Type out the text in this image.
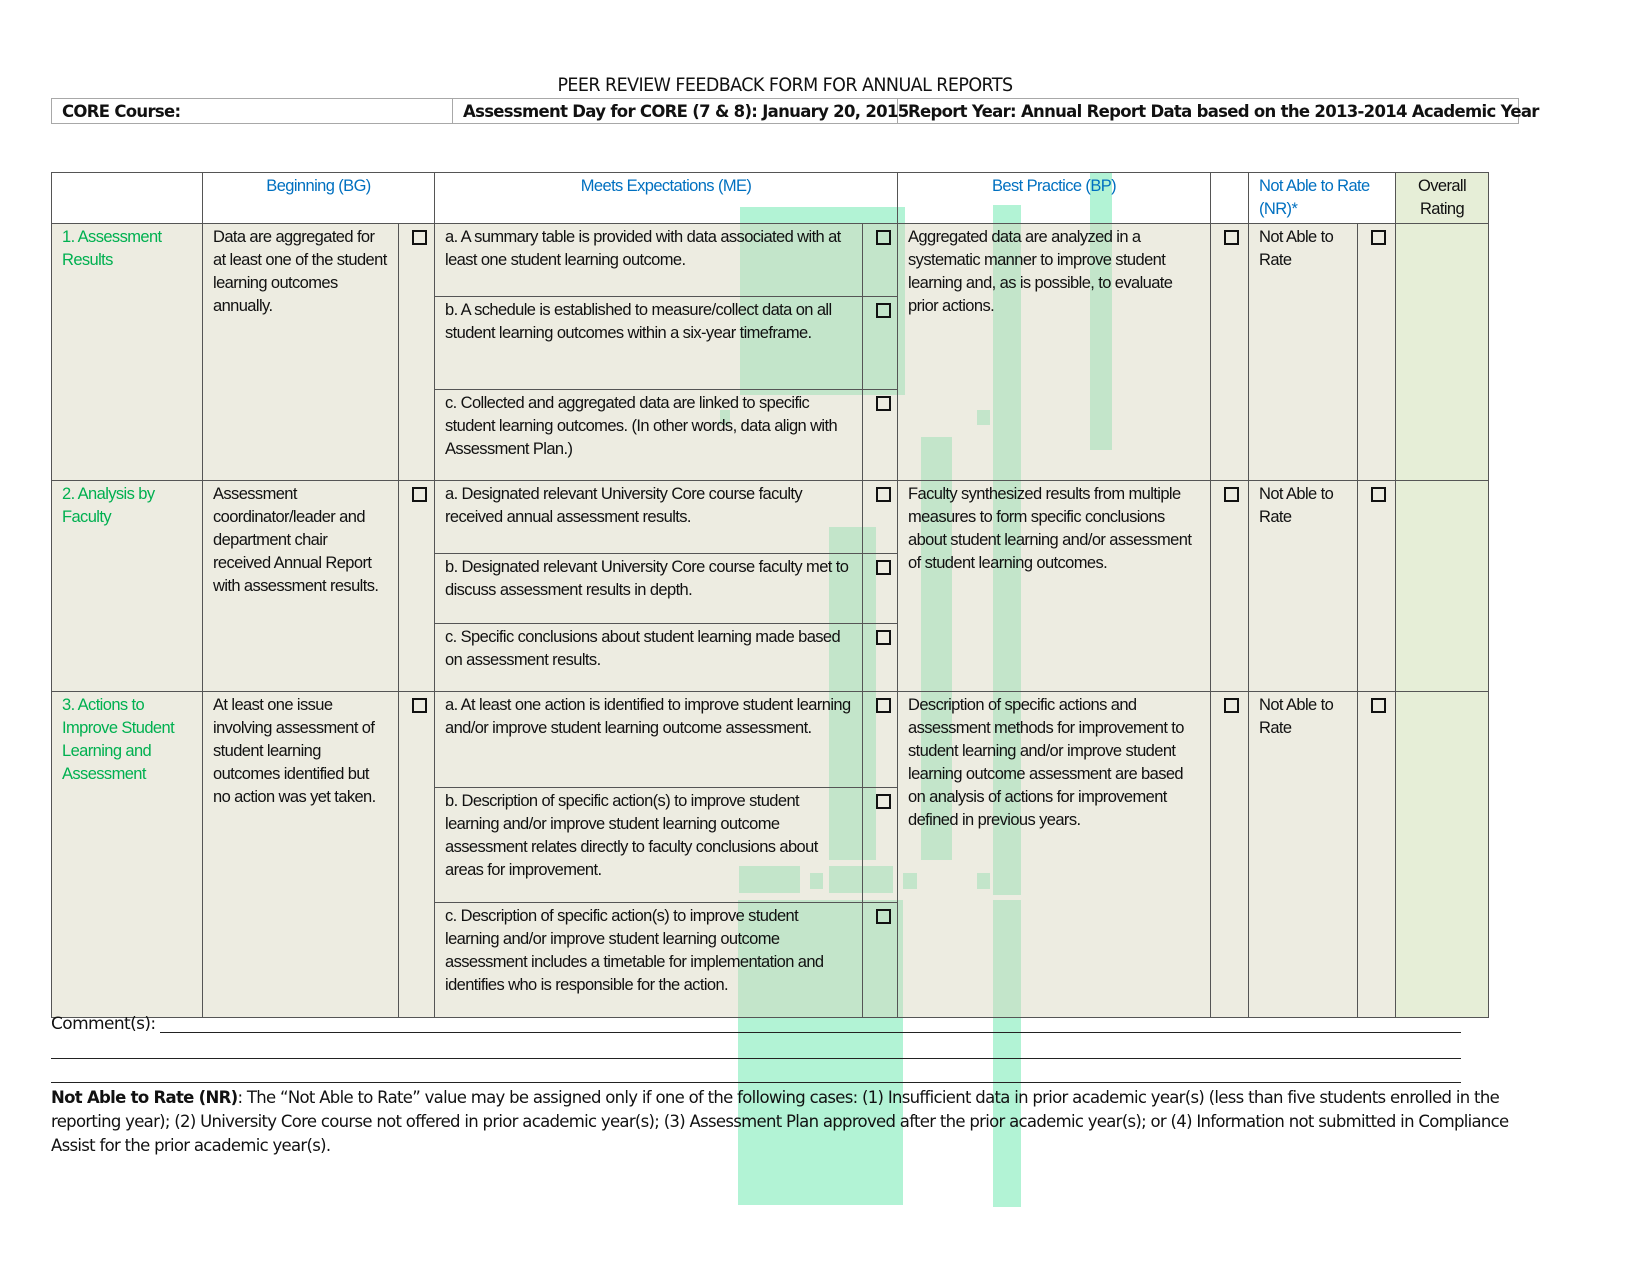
PEER REVIEW FEEDBACK FORM FOR ANNUAL REPORTS
CORE Course:	Assessment Day for CORE (7 & 8): January 20, 2015	Report Year: Annual Report Data based on the 2013-2014 Academic Year
	Beginning (BG)		Meets Expectations (ME)		Best Practice (BP)		Not Able to Rate (NR)*		Overall Rating
1. Assessment Results	Data are aggregated for at least one of the student learning outcomes annually.		a. A summary table is provided with data associated with at least one student learning outcome.		Aggregated data are analyzed in a systematic manner to improve student learning and, as is possible, to evaluate prior actions.		Not Able to Rate		
			b. A schedule is established to measure/collect data on all student learning outcomes within a six-year timeframe.						
			c. Collected and aggregated data are linked to specific student learning outcomes. (In other words, data align with Assessment Plan.)						
2. Analysis by Faculty	Assessment coordinator/leader and department chair received Annual Report with assessment results.		a. Designated relevant University Core course faculty received annual assessment results.		Faculty synthesized results from multiple measures to form specific conclusions about student learning and/or assessment of student learning outcomes.		Not Able to Rate		
			b. Designated relevant University Core course faculty met to discuss assessment results in depth.						
			c. Specific conclusions about student learning made based on assessment results.						
3. Actions to Improve Student Learning and Assessment	At least one issue involving assessment of student learning outcomes identified but no action was yet taken.		a. At least one action is identified to improve student learning and/or improve student learning outcome assessment.		Description of specific actions and assessment methods for improvement to student learning and/or improve student learning outcome assessment are based on analysis of actions for improvement defined in previous years.		Not Able to Rate		
			b. Description of specific action(s) to improve student learning and/or improve student learning outcome assessment relates directly to faculty conclusions about areas for improvement.						
			c. Description of specific action(s) to improve student learning and/or improve student learning outcome assessment includes a timetable for implementation and identifies who is responsible for the action.						
Comment(s):
Not Able to Rate (NR): The “Not Able to Rate” value may be assigned only if one of the following cases: (1) Insufficient data in prior academic year(s) (less than five students enrolled in the reporting year); (2) University Core course not offered in prior academic year(s); (3) Assessment Plan approved after the prior academic year(s); or (4) Information not submitted in Compliance Assist for the prior academic year(s).
